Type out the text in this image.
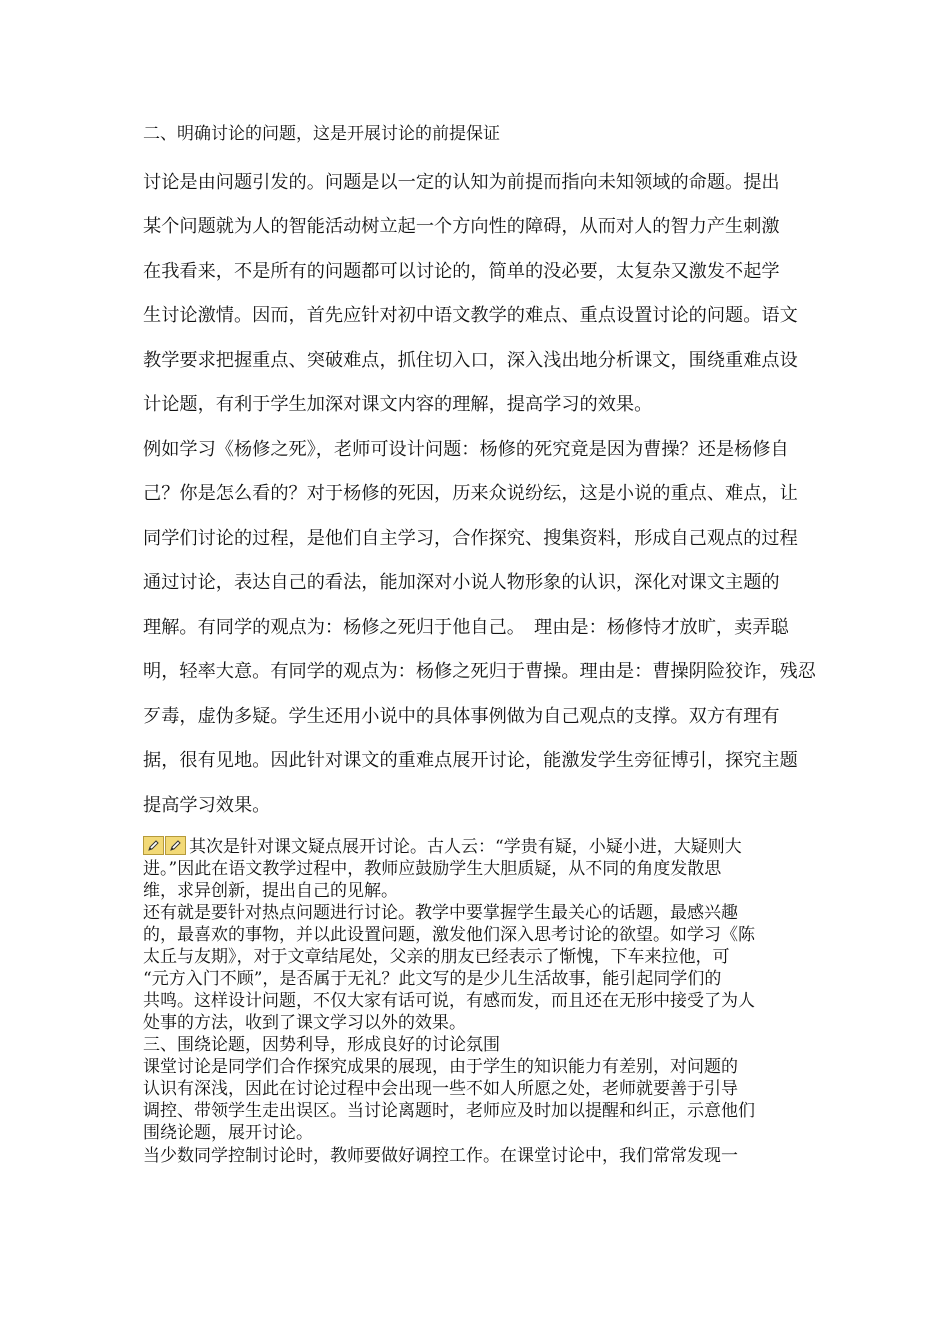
二、明确讨论的问题，这是开展讨论的前提保证
讨论是由问题引发的。问题是以一定的认知为前提而指向未知领域的命题。提出
某个问题就为人的智能活动树立起一个方向性的障碍，从而对人的智力产生刺激
在我看来，不是所有的问题都可以讨论的，简单的没必要，太复杂又激发不起学
生讨论激情。因而，首先应针对初中语文教学的难点、重点设置讨论的问题。语文
教学要求把握重点、突破难点，抓住切入口，深入浅出地分析课文，围绕重难点设
计论题，有利于学生加深对课文内容的理解，提高学习的效果。
例如学习《杨修之死》，老师可设计问题：杨修的死究竟是因为曹操？还是杨修自
己？你是怎么看的？对于杨修的死因，历来众说纷纭，这是小说的重点、难点，让
同学们讨论的过程，是他们自主学习，合作探究、搜集资料，形成自己观点的过程
通过讨论，表达自己的看法，能加深对小说人物形象的认识，深化对课文主题的
理解。有同学的观点为：杨修之死归于他自己。　理由是：杨修恃才放旷，卖弄聪
明，轻率大意。有同学的观点为：杨修之死归于曹操。理由是：曹操阴险狡诈，残忍
歹毒，虚伪多疑。学生还用小说中的具体事例做为自己观点的支撑。双方有理有
据，很有见地。因此针对课文的重难点展开讨论，能激发学生旁征博引，探究主题
提高学习效果。
其次是针对课文疑点展开讨论。古人云：“学贵有疑，小疑小进，大疑则大
进。”因此在语文教学过程中，教师应鼓励学生大胆质疑，从不同的角度发散思
维，求异创新，提出自己的见解。
还有就是要针对热点问题进行讨论。教学中要掌握学生最关心的话题，最感兴趣
的，最喜欢的事物，并以此设置问题，激发他们深入思考讨论的欲望。如学习《陈
太丘与友期》，对于文章结尾处，父亲的朋友已经表示了惭愧，下车来拉他，可
“元方入门不顾”，是否属于无礼？此文写的是少儿生活故事，能引起同学们的
共鸣。这样设计问题，不仅大家有话可说，有感而发，而且还在无形中接受了为人
处事的方法，收到了课文学习以外的效果。
三、围绕论题，因势利导，形成良好的讨论氛围
课堂讨论是同学们合作探究成果的展现，由于学生的知识能力有差别，对问题的
认识有深浅，因此在讨论过程中会出现一些不如人所愿之处，老师就要善于引导
调控、带领学生走出误区。当讨论离题时，老师应及时加以提醒和纠正，示意他们
围绕论题，展开讨论。
当少数同学控制讨论时，教师要做好调控工作。在课堂讨论中，我们常常发现一
